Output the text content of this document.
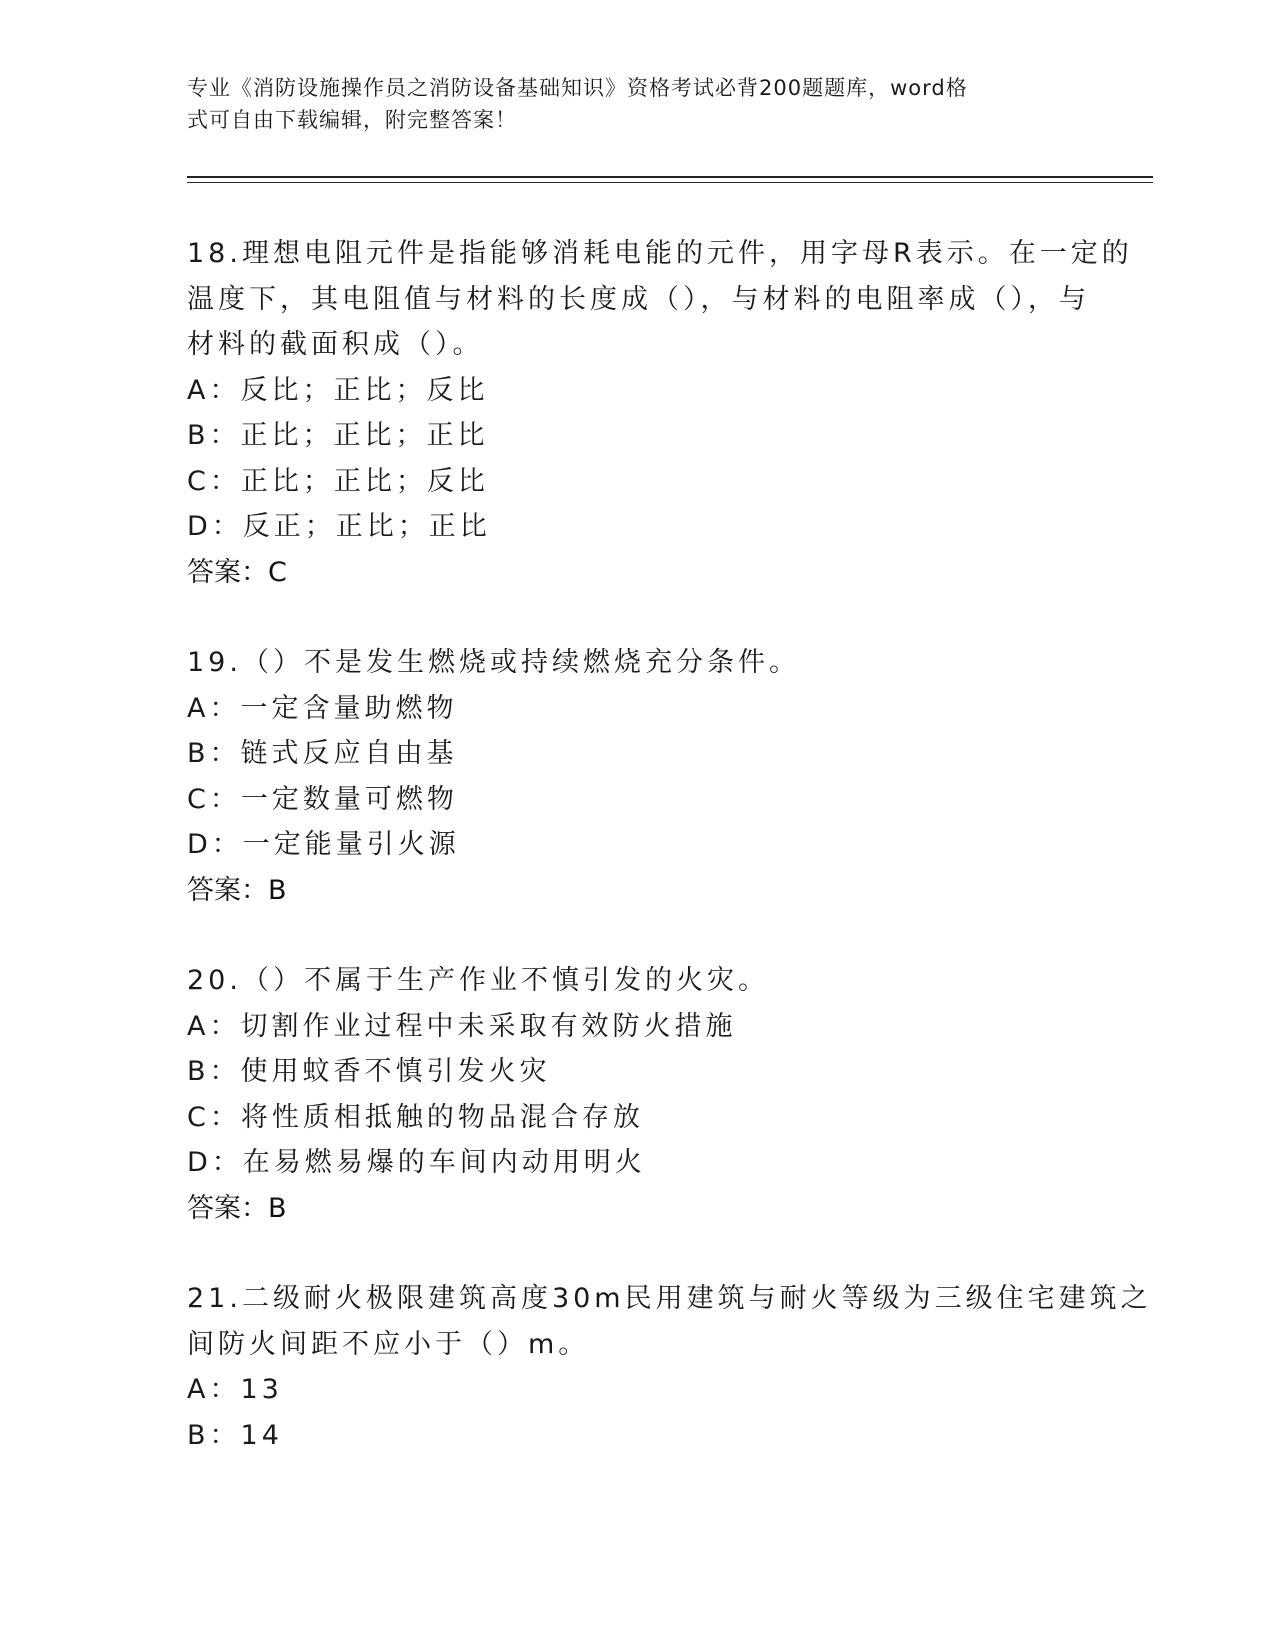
专业《消防设施操作员之消防设备基础知识》资格考试必背200题题库，word格
式可自由下载编辑，附完整答案！
18.理想电阻元件是指能够消耗电能的元件，用字母R表示。在一定的
温度下，其电阻值与材料的长度成（），与材料的电阻率成（），与
材料的截面积成（）。
A：反比；正比；反比
B：正比；正比；正比
C：正比；正比；反比
D：反正；正比；正比
答案：C
19.（）不是发生燃烧或持续燃烧充分条件。
A：一定含量助燃物
B：链式反应自由基
C：一定数量可燃物
D：一定能量引火源
答案：B
20.（）不属于生产作业不慎引发的火灾。
A：切割作业过程中未采取有效防火措施
B：使用蚊香不慎引发火灾
C：将性质相抵触的物品混合存放
D：在易燃易爆的车间内动用明火
答案：B
21.二级耐火极限建筑高度30m民用建筑与耐火等级为三级住宅建筑之
间防火间距不应小于（）m。
A：13
B：14
